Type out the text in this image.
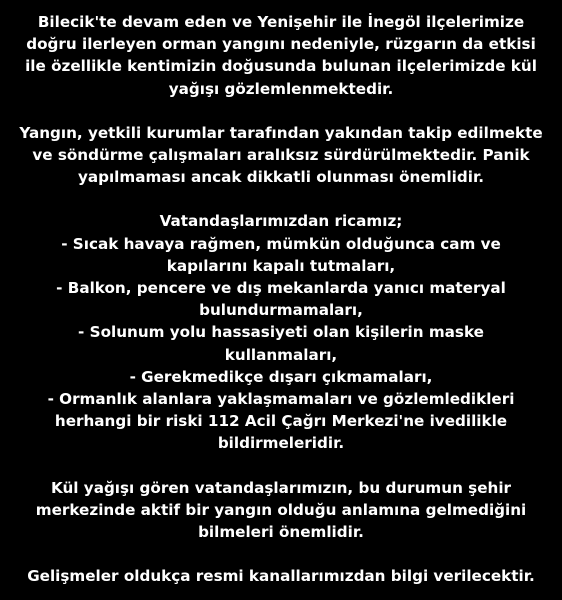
Bilecik'te devam eden ve Yenişehir ile İnegöl ilçelerimize
doğru ilerleyen orman yangını nedeniyle, rüzgarın da etkisi
ile özellikle kentimizin doğusunda bulunan ilçelerimizde kül
yağışı gözlemlenmektedir.
Yangın, yetkili kurumlar tarafından yakından takip edilmekte
ve söndürme çalışmaları aralıksız sürdürülmektedir. Panik
yapılmaması ancak dikkatli olunması önemlidir.
Vatandaşlarımızdan ricamız;
- Sıcak havaya rağmen, mümkün olduğunca cam ve
kapılarını kapalı tutmaları,
- Balkon, pencere ve dış mekanlarda yanıcı materyal
bulundurmamaları,
- Solunum yolu hassasiyeti olan kişilerin maske
kullanmaları,
- Gerekmedikçe dışarı çıkmamaları,
- Ormanlık alanlara yaklaşmamaları ve gözlemledikleri
herhangi bir riski 112 Acil Çağrı Merkezi'ne ivedilikle
bildirmeleridir.
Kül yağışı gören vatandaşlarımızın, bu durumun şehir
merkezinde aktif bir yangın olduğu anlamına gelmediğini
bilmeleri önemlidir.
Gelişmeler oldukça resmi kanallarımızdan bilgi verilecektir.
